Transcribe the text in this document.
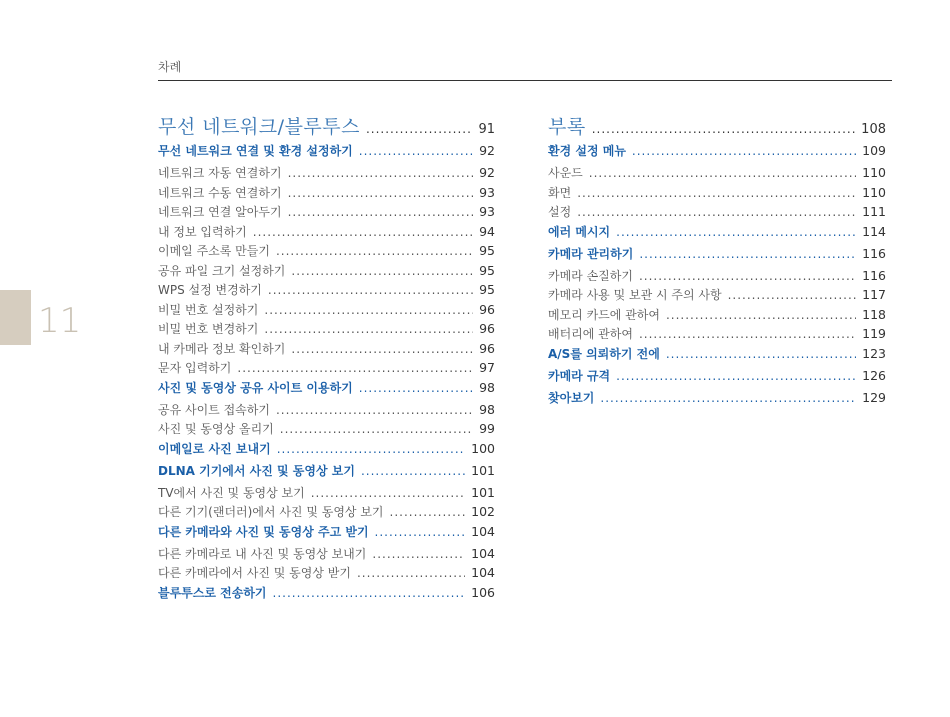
차례
11
무선 네트워크/블루투스 .....	91
무선 네트워크 연결 및 환경 설정하기 .....	92
네트워크 자동 연결하기 .....	92
네트워크 수동 연결하기 .....	93
네트워크 연결 알아두기 .....	93
내 정보 입력하기 .....	94
이메일 주소록 만들기 .....	95
공유 파일 크기 설정하기 .....	95
WPS 설정 변경하기 .....	95
비밀 번호 설정하기 .....	96
비밀 번호 변경하기 .....	96
내 카메라 정보 확인하기 .....	96
문자 입력하기 .....	97
사진 및 동영상 공유 사이트 이용하기 .....	98
공유 사이트 접속하기 .....	98
사진 및 동영상 올리기 .....	99
이메일로 사진 보내기 .....	100
DLNA 기기에서 사진 및 동영상 보기 .....	101
TV에서 사진 및 동영상 보기 .....	101
다른 기기(랜더러)에서 사진 및 동영상 보기 .....	102
다른 카메라와 사진 및 동영상 주고 받기 .....	104
다른 카메라로 내 사진 및 동영상 보내기 .....	104
다른 카메라에서 사진 및 동영상 받기 .....	104
블루투스로 전송하기 .....	106
부록 .....	108
환경 설정 메뉴 .....	109
사운드 .....	110
화면 .....	110
설정 .....	111
에러 메시지 .....	114
카메라 관리하기 .....	116
카메라 손질하기 .....	116
카메라 사용 및 보관 시 주의 사항 .....	117
메모리 카드에 관하여 .....	118
배터리에 관하여 .....	119
A/S를 의뢰하기 전에 .....	123
카메라 규격 .....	126
찾아보기 .....	129
